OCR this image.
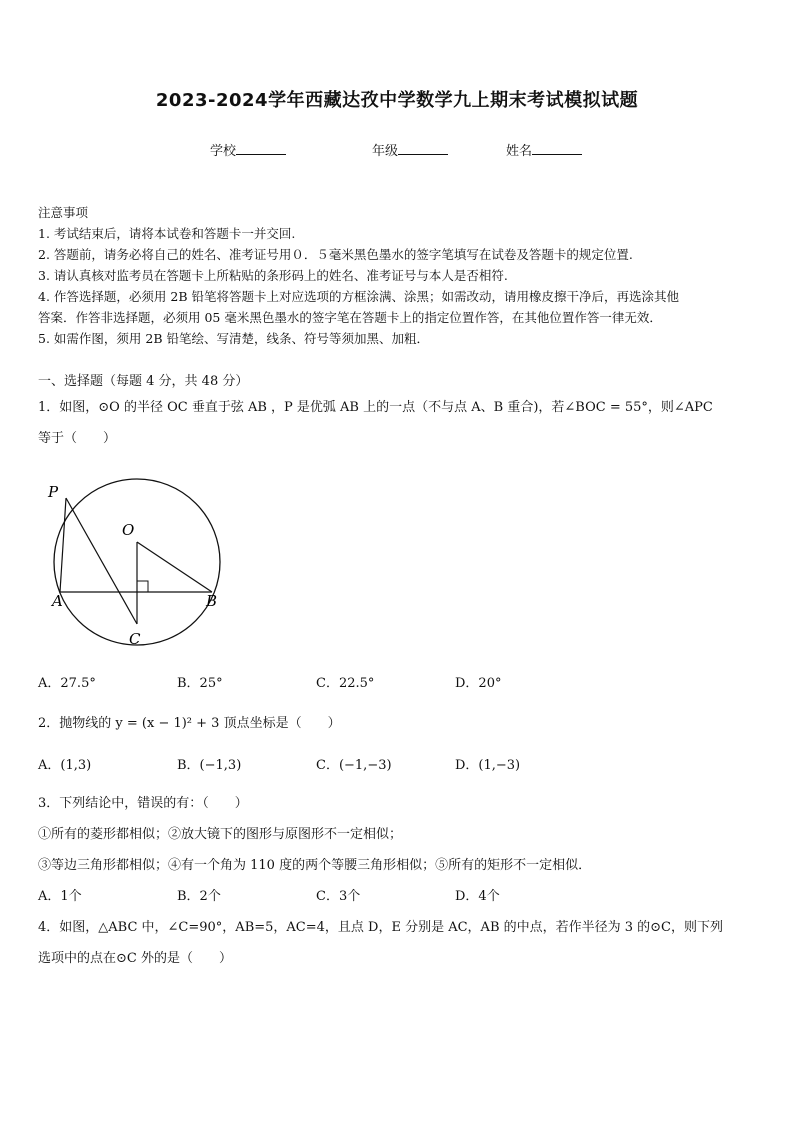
2023-2024学年西藏达孜中学数学九上期末考试模拟试题
学校	年级	姓名
注意事项
1. 考试结束后，请将本试卷和答题卡一并交回.
2. 答题前，请务必将自己的姓名、准考证号用０．５毫米黑色墨水的签字笔填写在试卷及答题卡的规定位置.
3. 请认真核对监考员在答题卡上所粘贴的条形码上的姓名、准考证号与本人是否相符.
4. 作答选择题，必须用 2B 铅笔将答题卡上对应选项的方框涂满、涂黑；如需改动，请用橡皮擦干净后，再选涂其他
答案．作答非选择题，必须用 05 毫米黑色墨水的签字笔在答题卡上的指定位置作答，在其他位置作答一律无效．
5. 如需作图，须用 2B 铅笔绘、写清楚，线条、符号等须加黑、加粗．
一、选择题（每题 4 分，共 48 分）
1．如图，⊙O 的半径 OC 垂直于弦 AB ，P 是优弧 AB 上的一点（不与点 A、B 重合)，若∠BOC = 55°，则∠APC
等于（　　）
P
O
A	B
C
A．27.5°	B．25°	C．22.5°	D．20°
2．抛物线的 y = (x − 1)² + 3 顶点坐标是（　　）
A．(1,3)	B．(−1,3)	C．(−1,−3)	D．(1,−3)
3．下列结论中，错误的有：（　　）
①所有的菱形都相似；②放大镜下的图形与原图形不一定相似；
③等边三角形都相似；④有一个角为 110 度的两个等腰三角形相似；⑤所有的矩形不一定相似．
A．1个	B．2个	C．3个	D．4个
4．如图，△ABC 中，∠C=90°，AB=5，AC=4，且点 D，E 分别是 AC，AB 的中点，若作半径为 3 的⊙C，则下列
选项中的点在⊙C 外的是（　　）
